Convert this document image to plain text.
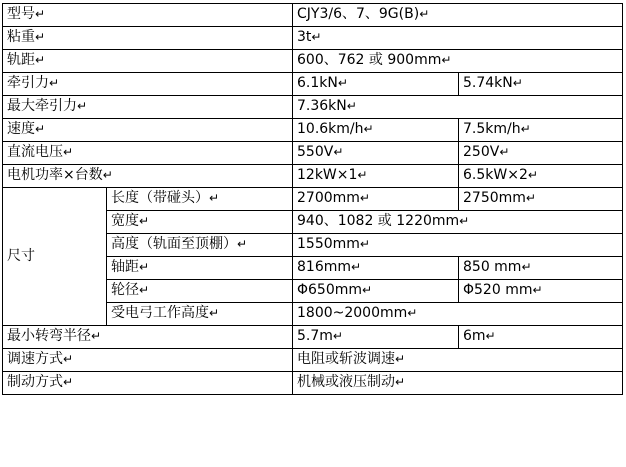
型号↵		CJY3/6、7、9G(B)↵	
粘重↵		3t↵	
轨距↵		600、762 或 900mm↵	
牵引力↵		6.1kN↵	5.74kN↵
最大牵引力↵		7.36kN↵	
速度↵		10.6km/h↵	7.5km/h↵
直流电压↵		550V↵	250V↵
电机功率×台数↵		12kW×1↵	6.5kW×2↵
尺寸	长度（带碰头）↵	2700mm↵	2750mm↵
	宽度↵	940、1082 或 1220mm↵	
	高度（轨面至顶棚）↵	1550mm↵	
	轴距↵	816mm↵	850 mm↵
	轮径↵	Φ650mm↵	Φ520 mm↵
	受电弓工作高度↵	1800~2000mm↵	
最小转弯半径↵		5.7m↵	6m↵
调速方式↵		电阻或斩波调速↵	
制动方式↵		机械或液压制动↵	
